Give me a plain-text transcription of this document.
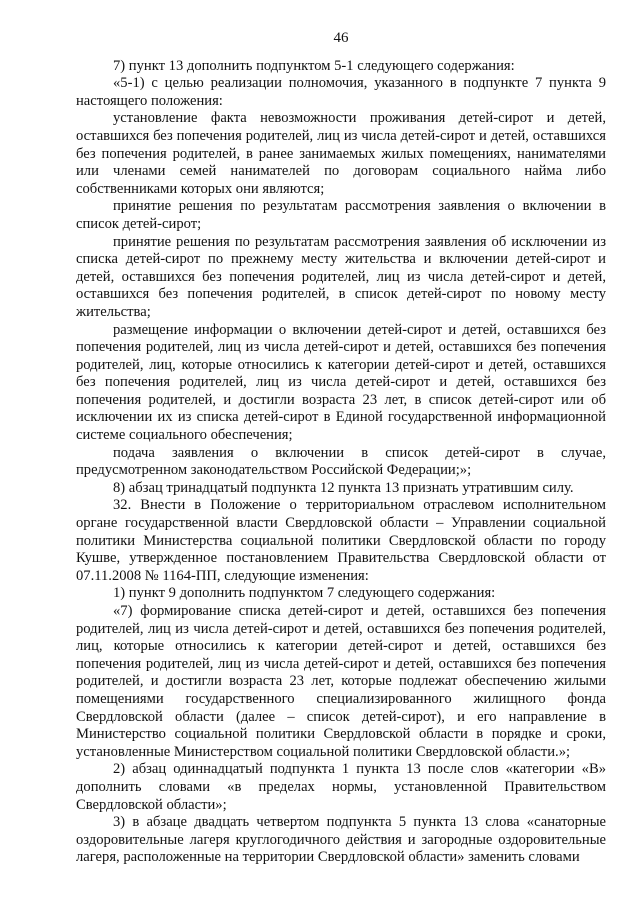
46

7) пункт 13 дополнить подпунктом 5-1 следующего содержания:

«5-1) с целью реализации полномочия, указанного в подпункте 7 пункта 9 настоящего положения:

установление факта невозможности проживания детей-сирот и детей, оставшихся без попечения родителей, лиц из числа детей-сирот и детей, оставшихся без попечения родителей, в ранее занимаемых жилых помещениях, нанимателями или членами семей нанимателей по договорам социального найма либо собственниками которых они являются;

принятие решения по результатам рассмотрения заявления о включении в список детей-сирот;

принятие решения по результатам рассмотрения заявления об исключении из списка детей-сирот по прежнему месту жительства и включении детей-сирот и детей, оставшихся без попечения родителей, лиц из числа детей-сирот и детей, оставшихся без попечения родителей, в список детей-сирот по новому месту жительства;

размещение информации о включении детей-сирот и детей, оставшихся без попечения родителей, лиц из числа детей-сирот и детей, оставшихся без попечения родителей, лиц, которые относились к категории детей-сирот и детей, оставшихся без попечения родителей, лиц из числа детей-сирот и детей, оставшихся без попечения родителей, и достигли возраста 23 лет, в список детей-сирот или об исключении их из списка детей-сирот в Единой государственной информационной системе социального обеспечения;

подача заявления о включении в список детей-сирот в случае, предусмотренном законодательством Российской Федерации;»;

8) абзац тринадцатый подпункта 12 пункта 13 признать утратившим силу.

32. Внести в Положение о территориальном отраслевом исполнительном органе государственной власти Свердловской области – Управлении социальной политики Министерства социальной политики Свердловской области по городу Кушве, утвержденное постановлением Правительства Свердловской области от 07.11.2008 № 1164-ПП, следующие изменения:

1) пункт 9 дополнить подпунктом 7 следующего содержания:

«7) формирование списка детей-сирот и детей, оставшихся без попечения родителей, лиц из числа детей-сирот и детей, оставшихся без попечения родителей, лиц, которые относились к категории детей-сирот и детей, оставшихся без попечения родителей, лиц из числа детей-сирот и детей, оставшихся без попечения родителей, и достигли возраста 23 лет, которые подлежат обеспечению жилыми помещениями государственного специализированного жилищного фонда Свердловской области (далее – список детей-сирот), и его направление в Министерство социальной политики Свердловской области в порядке и сроки, установленные Министерством социальной политики Свердловской области.»;

2) абзац одиннадцатый подпункта 1 пункта 13 после слов «категории «В» дополнить словами «в пределах нормы, установленной Правительством Свердловской области»;

3) в абзаце двадцать четвертом подпункта 5 пункта 13 слова «санаторные оздоровительные лагеря круглогодичного действия и загородные оздоровительные лагеря, расположенные на территории Свердловской области» заменить словами
